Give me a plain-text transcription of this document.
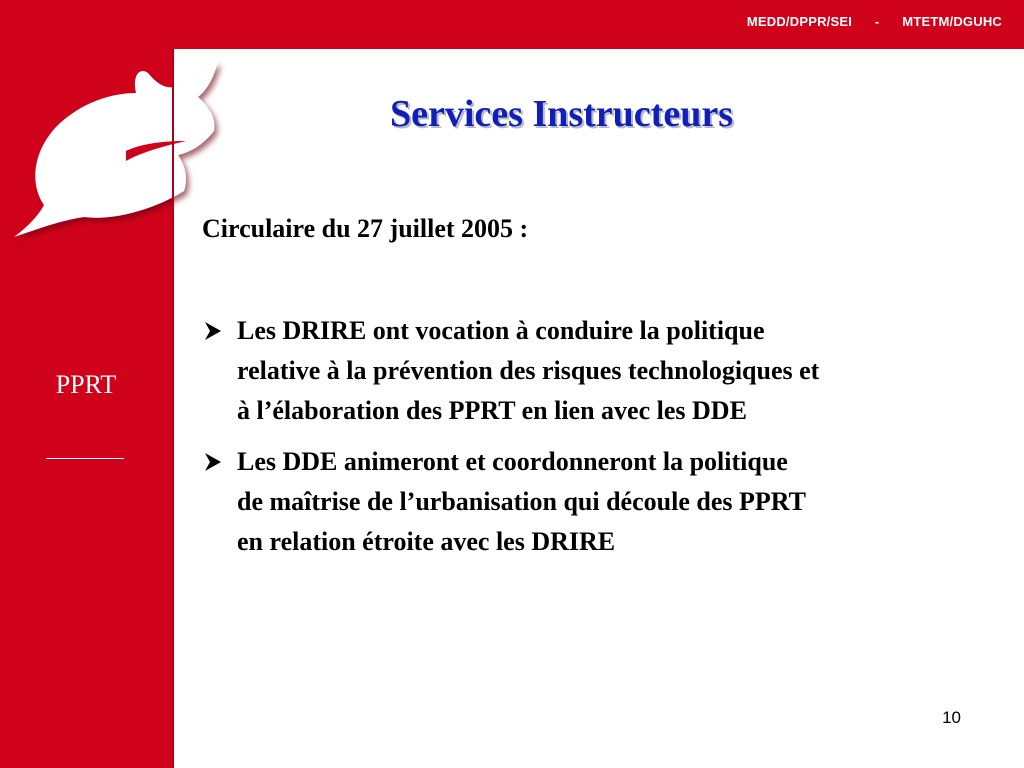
MEDD/DPPR/SEI      -      MTETM/DGUHC
PPRT
Services Instructeurs
Circulaire du 27 juillet 2005 :
Les DRIRE ont vocation à conduire la politique
relative à la prévention des risques technologiques et
à l’élaboration des PPRT en lien avec les DDE
Les DDE animeront et coordonneront la politique
de maîtrise de l’urbanisation qui découle des PPRT
en relation étroite avec les DRIRE
10
